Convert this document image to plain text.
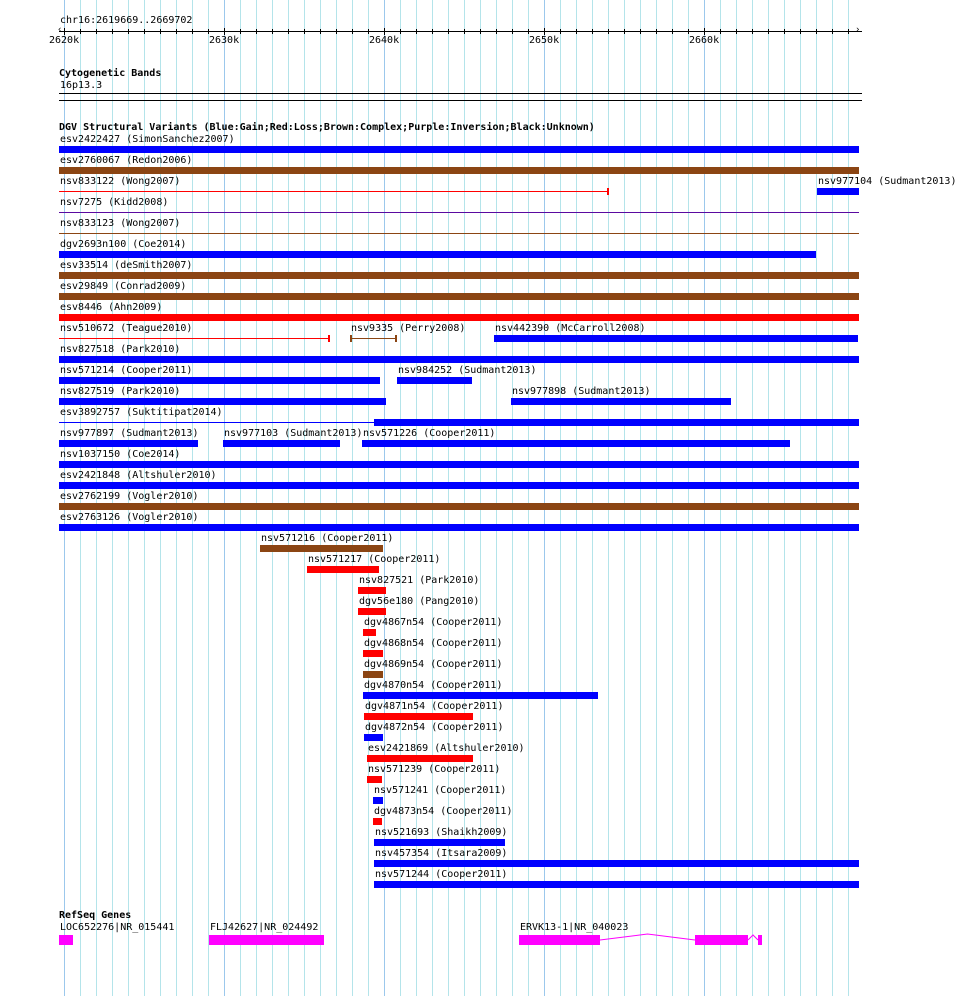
chr16:2619669..2669702
‹	›
2620k	2630k	2640k	2650k	2660k
Cytogenetic Bands
16p13.3
DGV Structural Variants (Blue:Gain;Red:Loss;Brown:Complex;Purple:Inversion;Black:Unknown)
esv2422427 (SimonSanchez2007)
esv2760067 (Redon2006)
nsv833122 (Wong2007)	nsv977104 (Sudmant2013)
nsv7275 (Kidd2008)
nsv833123 (Wong2007)
dgv2693n100 (Coe2014)
esv33514 (deSmith2007)
esv29849 (Conrad2009)
esv8446 (Ahn2009)
nsv510672 (Teague2010)	nsv9335 (Perry2008)	nsv442390 (McCarroll2008)
nsv827518 (Park2010)
nsv571214 (Cooper2011)	nsv984252 (Sudmant2013)
nsv827519 (Park2010)	nsv977898 (Sudmant2013)
esv3892757 (Suktitipat2014)
nsv977897 (Sudmant2013)	nsv977103 (Sudmant2013) nsv571226 (Cooper2011)
nsv1037150 (Coe2014)
esv2421848 (Altshuler2010)
esv2762199 (Vogler2010)
esv2763126 (Vogler2010)
nsv571216 (Cooper2011)
nsv571217 (Cooper2011)
nsv827521 (Park2010)
dgv56e180 (Pang2010)
dgv4867n54 (Cooper2011)
dgv4868n54 (Cooper2011)
dgv4869n54 (Cooper2011)
dgv4870n54 (Cooper2011)
dgv4871n54 (Cooper2011)
dgv4872n54 (Cooper2011)
esv2421869 (Altshuler2010)
nsv571239 (Cooper2011)
nsv571241 (Cooper2011)
dgv4873n54 (Cooper2011)
nsv521693 (Shaikh2009)
nsv457354 (Itsara2009)
nsv571244 (Cooper2011)
RefSeq Genes
LOC652276|NR_015441	FLJ42627|NR_024492	ERVK13-1|NR_040023
